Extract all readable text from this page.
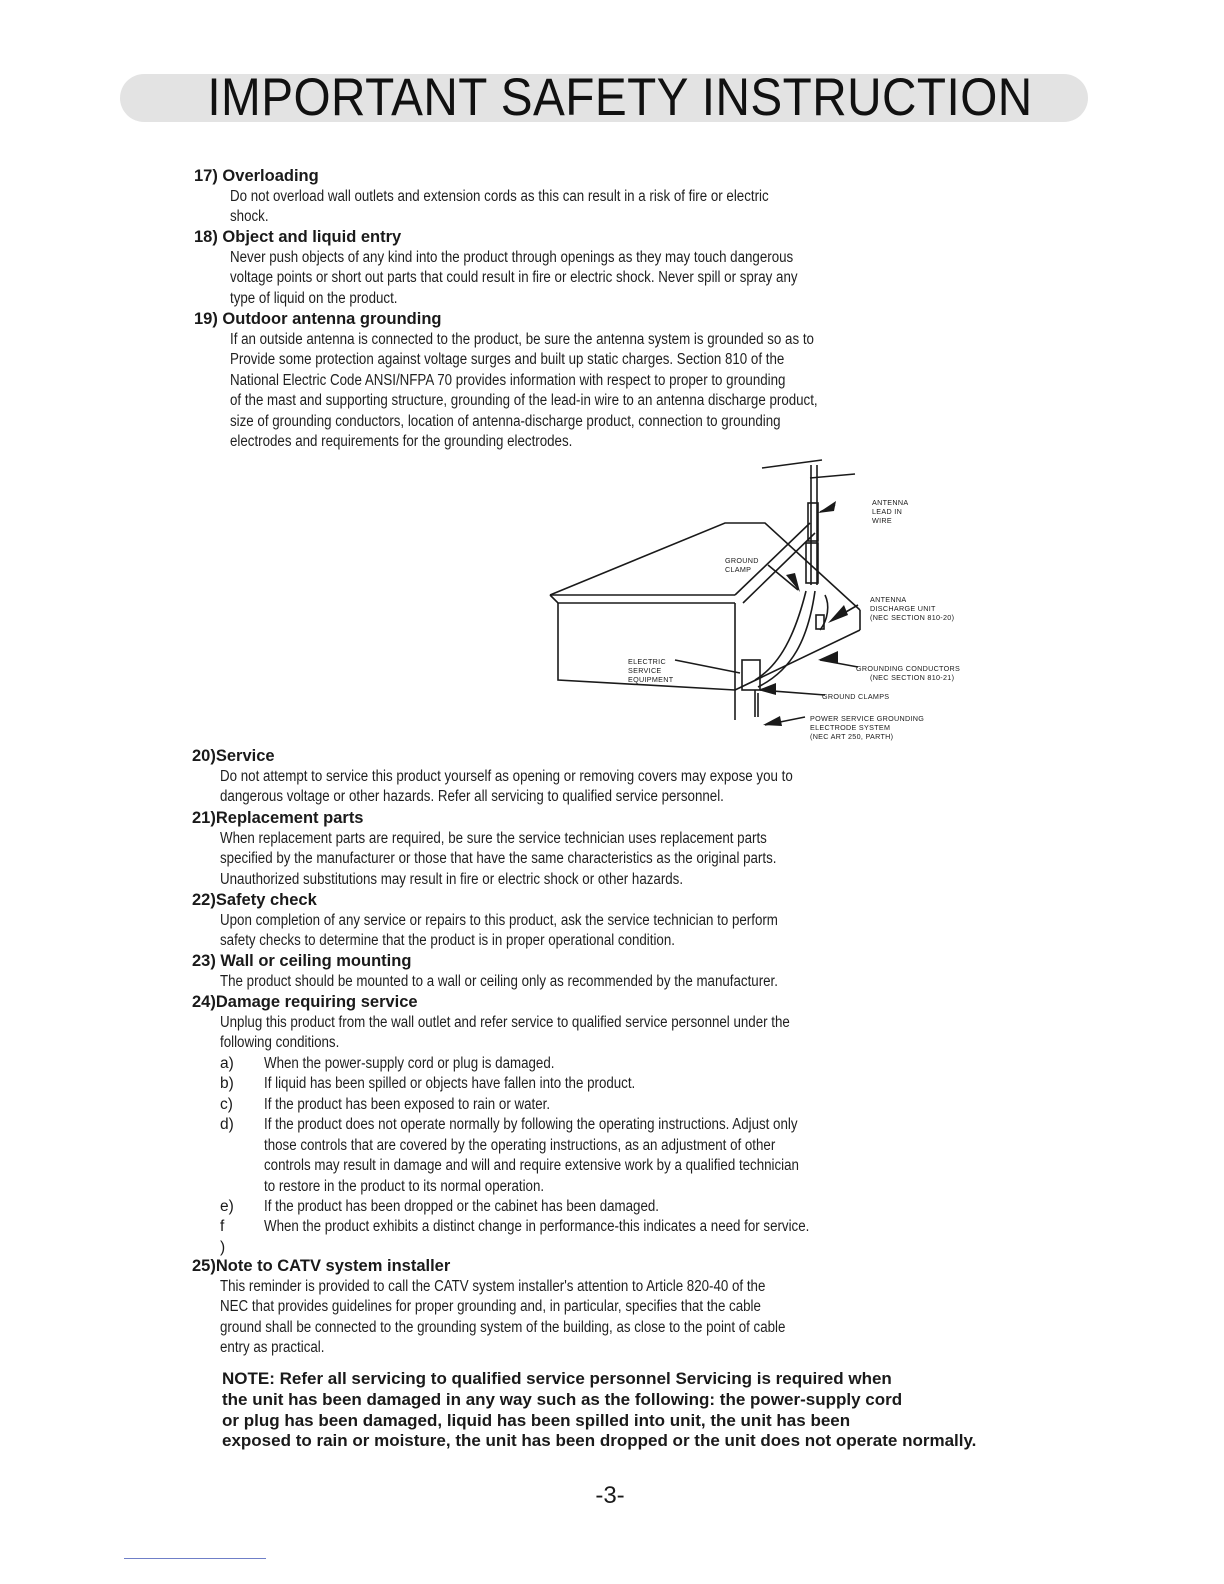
IMPORTANT SAFETY INSTRUCTION
17) Overloading
Do not overload wall outlets and extension cords as this can result in a risk of fire or electric
shock.
18) Object and liquid entry
Never push objects of any kind into the product through openings as they may touch dangerous
voltage points or short out parts that could result in fire or electric shock. Never spill or spray any
type of liquid on the product.
19) Outdoor antenna grounding
If an outside antenna is connected to the product, be sure the antenna system is grounded so as to
Provide some protection against voltage surges and built up static charges. Section 810 of the
National Electric Code ANSI/NFPA 70 provides information with respect to proper to grounding
of the mast and supporting structure, grounding of the lead-in wire to an antenna discharge product,
size of grounding conductors, location of antenna-discharge product, connection to grounding
electrodes and requirements for the grounding electrodes.
ANTENNA
LEAD IN
WIRE
GROUND
CLAMP
ANTENNA
DISCHARGE UNIT
(NEC SECTION 810-20)
ELECTRIC
SERVICE
EQUIPMENT
GROUNDING CONDUCTORS
(NEC SECTION 810-21)
GROUND CLAMPS
POWER SERVICE GROUNDING
ELECTRODE SYSTEM
(NEC ART 250, PARTH)
20)Service
Do not attempt to service this product yourself as opening or removing covers may expose you to
dangerous voltage or other hazards. Refer all servicing to qualified service personnel.
21)Replacement parts
When replacement parts are required, be sure the service technician uses replacement parts
specified by the manufacturer or those that have the same characteristics as the original parts.
Unauthorized substitutions may result in fire or electric shock or other hazards.
22)Safety check
Upon completion of any service or repairs to this product, ask the service technician to perform
safety checks to determine that the product is in proper operational condition.
23) Wall or ceiling mounting
The product should be mounted to a wall or ceiling only as recommended by the manufacturer.
24)Damage requiring service
Unplug this product from the wall outlet and refer service to qualified service personnel under the
following conditions.
a) When the power-supply cord or plug is damaged.
b) If liquid has been spilled or objects have fallen into the product.
c) If the product has been exposed to rain or water.
d) If the product does not operate normally by following the operating instructions. Adjust only
those controls that are covered by the operating instructions, as an adjustment of other
controls may result in damage and will and require extensive work by a qualified technician
to restore in the product to its normal operation.
e) If the product has been dropped or the cabinet has been damaged.
f )
When the product exhibits a distinct change in performance-this indicates a need for service.
25)Note to CATV system installer
This reminder is provided to call the CATV system installer's attention to Article 820-40 of the
NEC that provides guidelines for proper grounding and, in particular, specifies that the cable
ground shall be connected to the grounding system of the building, as close to the point of cable
entry as practical.
NOTE: Refer all servicing to qualified service personnel Servicing is required when
the unit has been damaged in any way such as the following: the power-supply cord
or plug has been damaged, liquid has been spilled into unit, the unit has been
exposed to rain or moisture, the unit has been dropped or the unit does not operate normally.
-3-
